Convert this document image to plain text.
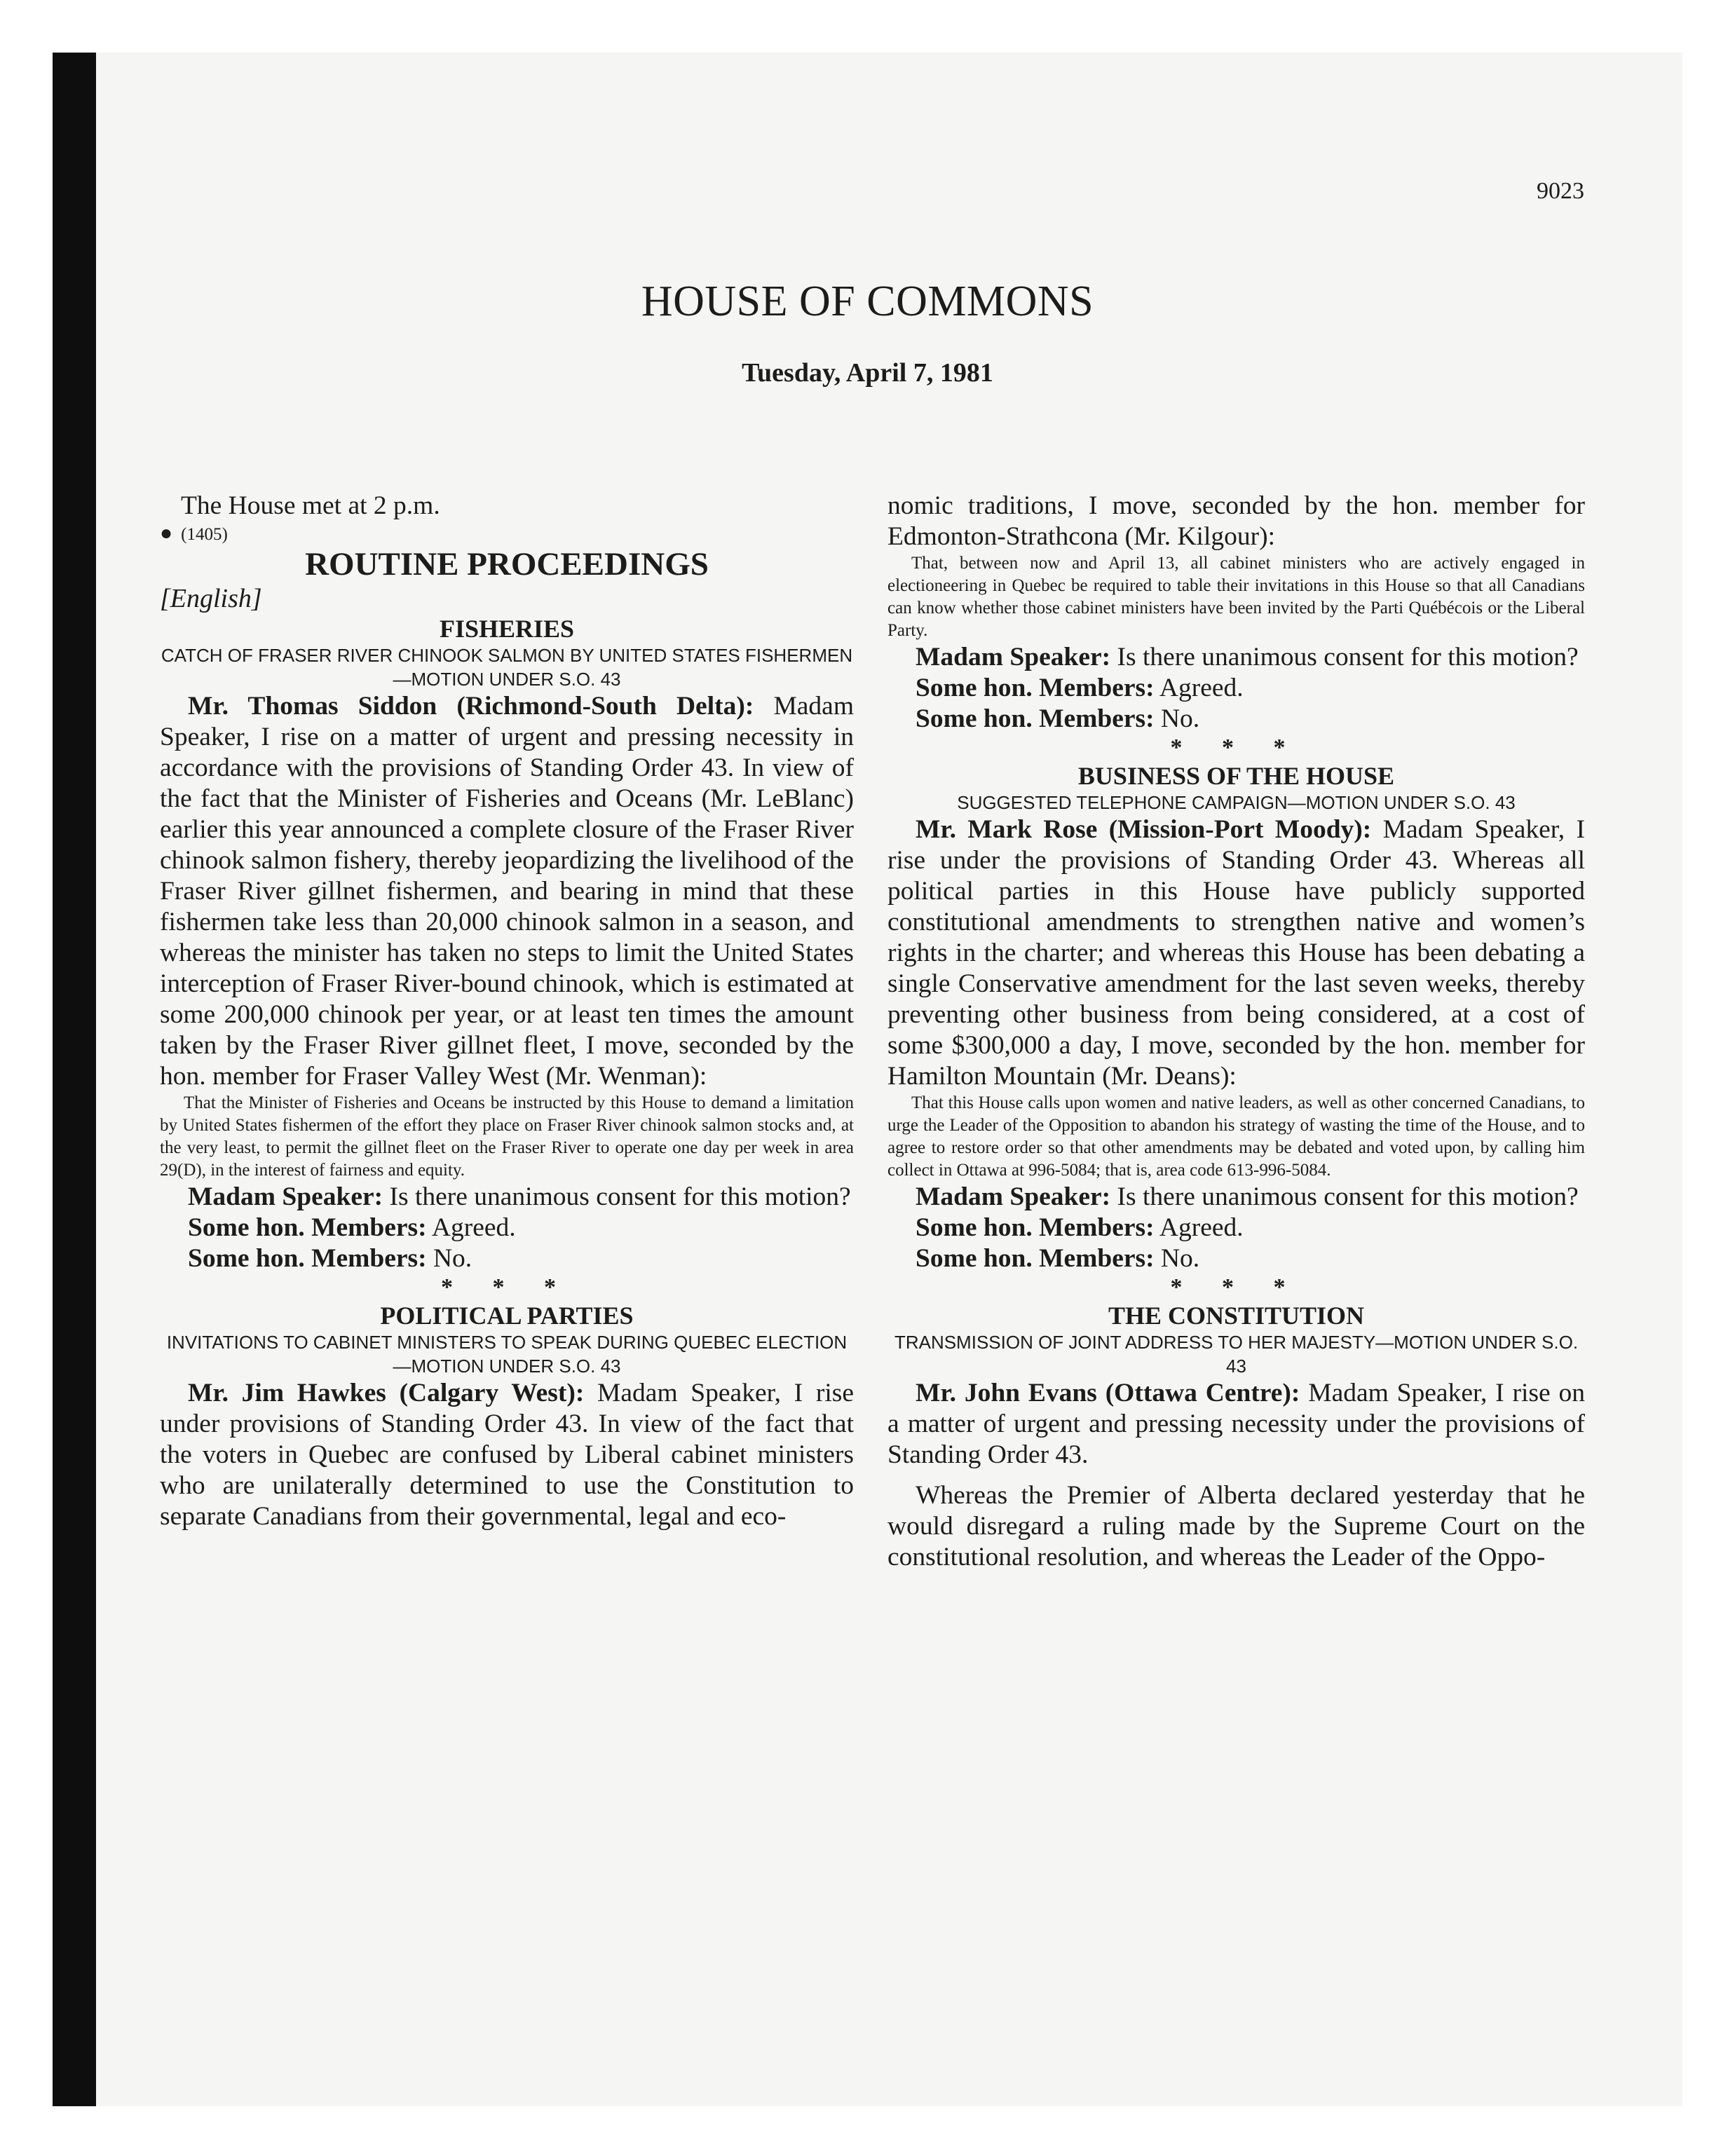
9023
HOUSE OF COMMONS
Tuesday, April 7, 1981

The House met at 2 p.m.

● (1405)

ROUTINE PROCEEDINGS

[English]

FISHERIES

CATCH OF FRASER RIVER CHINOOK SALMON BY UNITED STATES FISHERMEN—MOTION UNDER S.O. 43

Mr. Thomas Siddon (Richmond-South Delta): Madam Speaker, I rise on a matter of urgent and pressing necessity in accordance with the provisions of Standing Order 43. In view of the fact that the Minister of Fisheries and Oceans (Mr. LeBlanc) earlier this year announced a complete closure of the Fraser River chinook salmon fishery, thereby jeopardizing the livelihood of the Fraser River gillnet fishermen, and bearing in mind that these fishermen take less than 20,000 chinook salmon in a season, and whereas the minister has taken no steps to limit the United States interception of Fraser River-bound chinook, which is estimated at some 200,000 chinook per year, or at least ten times the amount taken by the Fraser River gillnet fleet, I move, seconded by the hon. member for Fraser Valley West (Mr. Wenman):

That the Minister of Fisheries and Oceans be instructed by this House to demand a limitation by United States fishermen of the effort they place on Fraser River chinook salmon stocks and, at the very least, to permit the gillnet fleet on the Fraser River to operate one day per week in area 29(D), in the interest of fairness and equity.

Madam Speaker: Is there unanimous consent for this motion?

Some hon. Members: Agreed.

Some hon. Members: No.

* * *

POLITICAL PARTIES

INVITATIONS TO CABINET MINISTERS TO SPEAK DURING QUEBEC ELECTION—MOTION UNDER S.O. 43

Mr. Jim Hawkes (Calgary West): Madam Speaker, I rise under provisions of Standing Order 43. In view of the fact that the voters in Quebec are confused by Liberal cabinet ministers who are unilaterally determined to use the Constitution to separate Canadians from their governmental, legal and eco-

nomic traditions, I move, seconded by the hon. member for Edmonton-Strathcona (Mr. Kilgour):

That, between now and April 13, all cabinet ministers who are actively engaged in electioneering in Quebec be required to table their invitations in this House so that all Canadians can know whether those cabinet ministers have been invited by the Parti Québécois or the Liberal Party.

Madam Speaker: Is there unanimous consent for this motion?

Some hon. Members: Agreed.

Some hon. Members: No.

* * *

BUSINESS OF THE HOUSE

SUGGESTED TELEPHONE CAMPAIGN—MOTION UNDER S.O. 43

Mr. Mark Rose (Mission-Port Moody): Madam Speaker, I rise under the provisions of Standing Order 43. Whereas all political parties in this House have publicly supported constitutional amendments to strengthen native and women’s rights in the charter; and whereas this House has been debating a single Conservative amendment for the last seven weeks, thereby preventing other business from being considered, at a cost of some $300,000 a day, I move, seconded by the hon. member for Hamilton Mountain (Mr. Deans):

That this House calls upon women and native leaders, as well as other concerned Canadians, to urge the Leader of the Opposition to abandon his strategy of wasting the time of the House, and to agree to restore order so that other amendments may be debated and voted upon, by calling him collect in Ottawa at 996-5084; that is, area code 613-996-5084.

Madam Speaker: Is there unanimous consent for this motion?

Some hon. Members: Agreed.

Some hon. Members: No.

* * *

THE CONSTITUTION

TRANSMISSION OF JOINT ADDRESS TO HER MAJESTY—MOTION UNDER S.O. 43

Mr. John Evans (Ottawa Centre): Madam Speaker, I rise on a matter of urgent and pressing necessity under the provisions of Standing Order 43.

Whereas the Premier of Alberta declared yesterday that he would disregard a ruling made by the Supreme Court on the constitutional resolution, and whereas the Leader of the Oppo-
